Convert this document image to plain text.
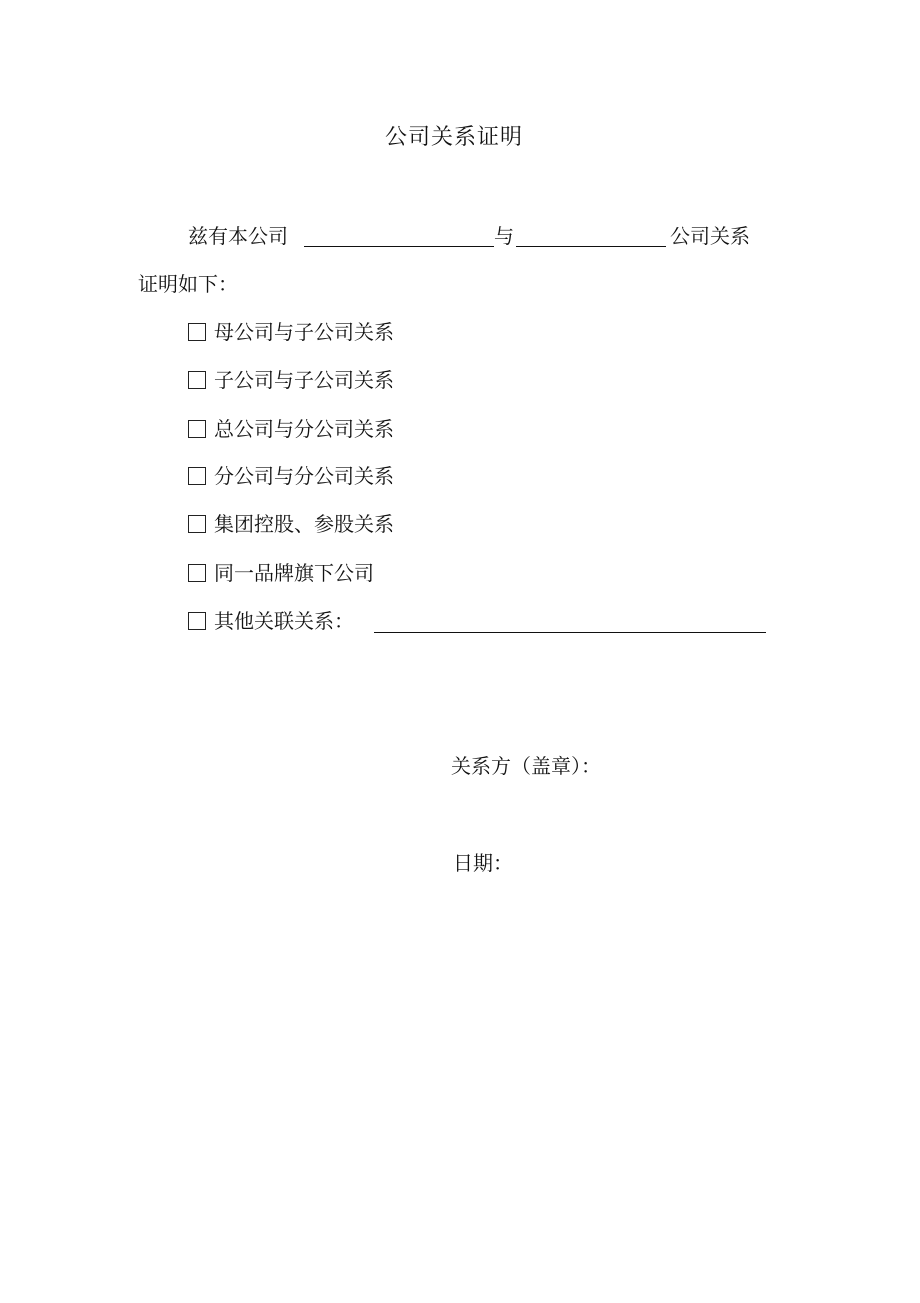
公司关系证明
兹有本公司	与	公司关系
证明如下：
母公司与子公司关系
子公司与子公司关系
总公司与分公司关系
分公司与分公司关系
集团控股、参股关系
同一品牌旗下公司
其他关联关系：
关系方（盖章）：
日期：
